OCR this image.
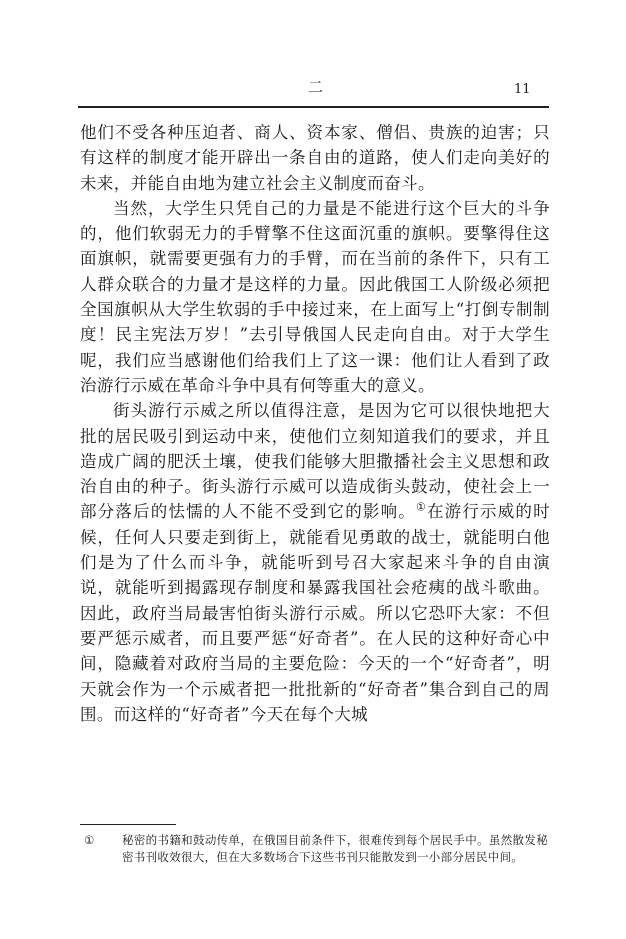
二	11

他们不受各种压迫者、商人、资本家、僧侣、贵族的迫害；只有这样的制度才能开辟出一条自由的道路，使人们走向美好的未来，并能自由地为建立社会主义制度而奋斗。

当然，大学生只凭自己的力量是不能进行这个巨大的斗争的，他们软弱无力的手臂擎不住这面沉重的旗帜。要擎得住这面旗帜，就需要更强有力的手臂，而在当前的条件下，只有工人群众联合的力量才是这样的力量。因此俄国工人阶级必须把全国旗帜从大学生软弱的手中接过来，在上面写上“打倒专制制度！民主宪法万岁！”去引导俄国人民走向自由。对于大学生呢，我们应当感谢他们给我们上了这一课：他们让人看到了政治游行示威在革命斗争中具有何等重大的意义。

街头游行示威之所以值得注意，是因为它可以很快地把大批的居民吸引到运动中来，使他们立刻知道我们的要求，并且造成广阔的肥沃土壤，使我们能够大胆撒播社会主义思想和政治自由的种子。街头游行示威可以造成街头鼓动，使社会上一部分落后的怯懦的人不能不受到它的影响。①在游行示威的时候，任何人只要走到街上，就能看见勇敢的战士，就能明白他们是为了什么而斗争，就能听到号召大家起来斗争的自由演说，就能听到揭露现存制度和暴露我国社会疮痍的战斗歌曲。因此，政府当局最害怕街头游行示威。所以它恐吓大家：不但要严惩示威者，而且要严惩“好奇者”。在人民的这种好奇心中间，隐藏着对政府当局的主要危险：今天的一个“好奇者”，明天就会作为一个示威者把一批批新的“好奇者”集合到自己的周围。而这样的“好奇者”今天在每个大城

①	秘密的书籍和鼓动传单，在俄国目前条件下，很难传到每个居民手中。虽然散发秘密书刊收效很大，但在大多数场合下这些书刊只能散发到一小部分居民中间。
